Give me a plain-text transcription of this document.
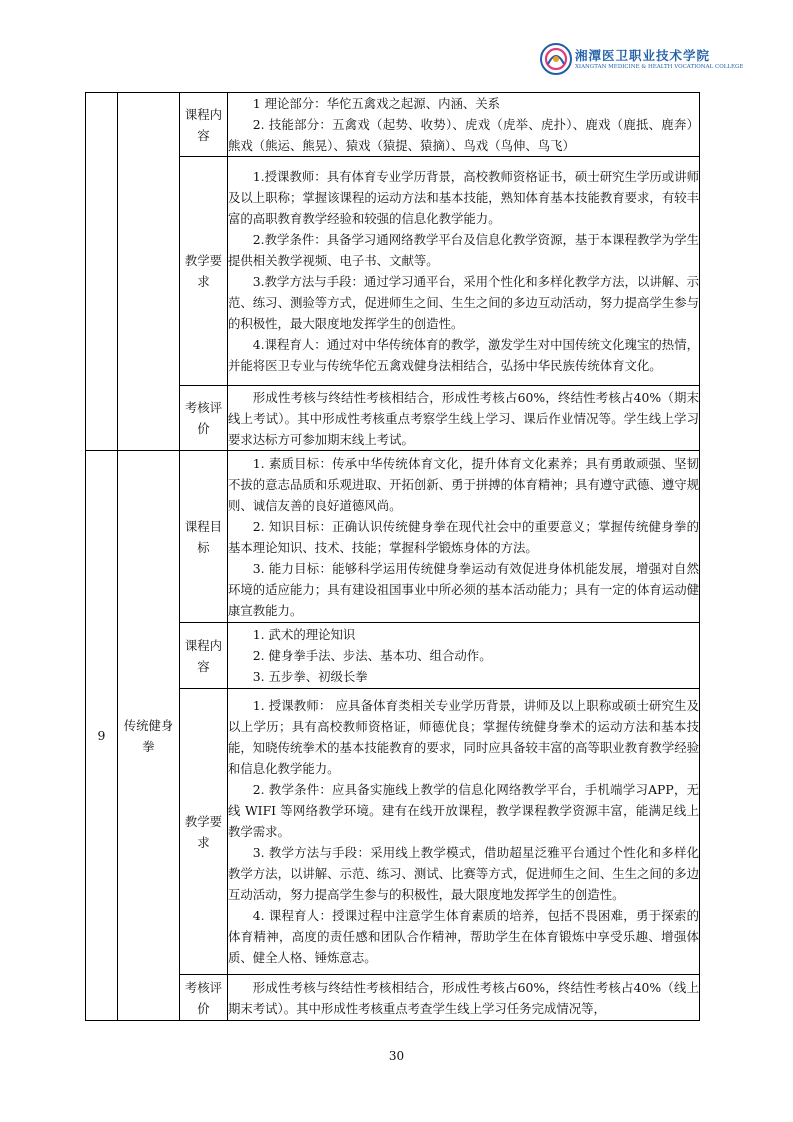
湘潭医卫职业技术学院
XIANGTAN MEDICINE & HEALTH VOCATIONAL COLLEGE
		课程内容	1 理论部分：华佗五禽戏之起源、内涵、关系

2. 技能部分：五禽戏（起势、收势）、虎戏（虎举、虎扑）、鹿戏（鹿抵、鹿奔）熊戏（熊运、熊晃）、猿戏（猿提、猿摘）、鸟戏（鸟伸、鸟飞）

		教学要求	1.授课教师：具有体育专业学历背景，高校教师资格证书，硕士研究生学历或讲师及以上职称；掌握该课程的运动方法和基本技能，熟知体育基本技能教育要求，有较丰富的高职教育教学经验和较强的信息化教学能力。

2.教学条件：具备学习通网络教学平台及信息化教学资源，基于本课程教学为学生提供相关教学视频、电子书、文献等。

3.教学方法与手段：通过学习通平台，采用个性化和多样化教学方法，以讲解、示范、练习、测验等方式，促进师生之间、生生之间的多边互动活动，努力提高学生参与的积极性，最大限度地发挥学生的创造性。

4.课程育人：通过对中华传统体育的教学，激发学生对中国传统文化瑰宝的热情，并能将医卫专业与传统华佗五禽戏健身法相结合，弘扬中华民族传统体育文化。

		考核评价	形成性考核与终结性考核相结合，形成性考核占60%，终结性考核占40%（期末线上考试）。其中形成性考核重点考察学生线上学习、课后作业情况等。学生线上学习要求达标方可参加期末线上考试。

9	传统健身拳	课程目标	1. 素质目标：传承中华传统体育文化，提升体育文化素养；具有勇敢顽强、坚韧不拔的意志品质和乐观进取、开拓创新、勇于拼搏的体育精神；具有遵守武德、遵守规则、诚信友善的良好道德风尚。

2. 知识目标：正确认识传统健身拳在现代社会中的重要意义；掌握传统健身拳的基本理论知识、技术、技能；掌握科学锻炼身体的方法。

3. 能力目标：能够科学运用传统健身拳运动有效促进身体机能发展，增强对自然环境的适应能力；具有建设祖国事业中所必须的基本活动能力；具有一定的体育运动健康宣教能力。

		课程内容	1. 武术的理论知识

2. 健身拳手法、步法、基本功、组合动作。

3. 五步拳、初级长拳

		教学要求	1. 授课教师： 应具备体育类相关专业学历背景，讲师及以上职称或硕士研究生及以上学历；具有高校教师资格证，师德优良；掌握传统健身拳术的运动方法和基本技能，知晓传统拳术的基本技能教育的要求，同时应具备较丰富的高等职业教育教学经验和信息化教学能力。

2. 教学条件：应具备实施线上教学的信息化网络教学平台，手机端学习APP，无线 WIFI 等网络教学环境。建有在线开放课程，教学课程教学资源丰富，能满足线上教学需求。

3. 教学方法与手段：采用线上教学模式，借助超星泛雅平台通过个性化和多样化教学方法，以讲解、示范、练习、测试、比赛等方式，促进师生之间、生生之间的多边互动活动，努力提高学生参与的积极性，最大限度地发挥学生的创造性。

4. 课程育人：授课过程中注意学生体育素质的培养，包括不畏困难，勇于探索的体育精神，高度的责任感和团队合作精神，帮助学生在体育锻炼中享受乐趣、增强体质、健全人格、锤炼意志。

		考核评价	形成性考核与终结性考核相结合，形成性考核占60%，终结性考核占40%（线上期末考试）。其中形成性考核重点考查学生线上学习任务完成情况等，

30
